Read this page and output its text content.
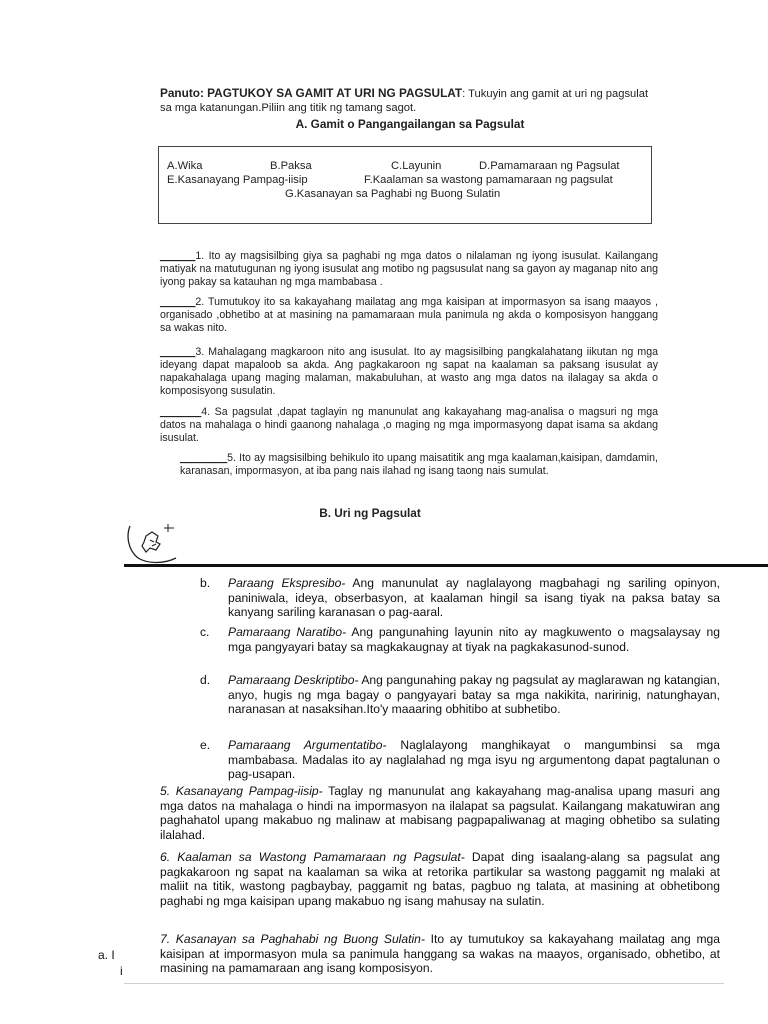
Panuto: PAGTUKOY SA GAMIT AT URI NG PAGSULAT: Tukuyin ang gamit at uri ng pagsulat sa mga katanungan.Piliin ang titik ng tamang sagot.
A. Gamit o Pangangailangan sa Pagsulat
A.Wika	B.Paksa	C.Layunin	D.Pamamaraan ng Pagsulat
E.Kasanayang Pampag-iisip	F.Kaalaman sa wastong pamamaraan ng pagsulat
G.Kasanayan sa Paghabi ng Buong Sulatin
______1. Ito ay magsisilbing giya sa paghabi ng mga datos o nilalaman ng iyong isusulat. Kailangang matiyak na matutugunan ng iyong isusulat ang motibo ng pagsusulat nang sa gayon ay maganap nito ang iyong pakay sa katauhan ng mga mambabasa .
______2. Tumutukoy ito sa kakayahang mailatag ang mga kaisipan at impormasyon sa isang maayos , organisado ,obhetibo at at masining na pamamaraan mula panimula ng akda o komposisyon hanggang sa wakas nito.
______3. Mahalagang magkaroon nito ang isusulat. Ito ay magsisilbing pangkalahatang iikutan ng mga ideyang dapat mapaloob sa akda. Ang pagkakaroon ng sapat na kaalaman sa paksang isusulat ay napakahalaga upang maging malaman, makabuluhan, at wasto ang mga datos na ilalagay sa akda o komposisyong susulatin.
_______4. Sa pagsulat ,dapat taglayin ng manunulat ang kakayahang mag-analisa o magsuri ng mga datos na mahalaga o hindi gaanong nahalaga ,o maging ng mga impormasyong dapat isama sa akdang isusulat.
________5. Ito ay magsisilbing behikulo ito upang maisatitik ang mga kaalaman,kaisipan, damdamin, karanasan, impormasyon, at iba pang nais ilahad ng isang taong nais sumulat.
B. Uri ng Pagsulat
b.	Paraang Ekspresibo- Ang manunulat ay naglalayong magbahagi ng sariling opinyon, paniniwala, ideya, obserbasyon, at kaalaman hingil sa isang tiyak na paksa batay sa kanyang sariling karanasan o pag-aaral.
c.	Pamaraang Naratibo- Ang pangunahing layunin nito ay magkuwento o magsalaysay ng mga pangyayari batay sa magkakaugnay at tiyak na pagkakasunod-sunod.
d.	Pamaraang Deskriptibo- Ang pangunahing pakay ng pagsulat ay maglarawan ng katangian, anyo, hugis ng mga bagay o pangyayari batay sa mga nakikita, naririnig, natunghayan, naranasan at nasaksihan.Ito'y maaaring obhitibo at subhetibo.
e.	Pamaraang Argumentatibo- Naglalayong manghikayat o mangumbinsi sa mga mambabasa. Madalas ito ay naglalahad ng mga isyu ng argumentong dapat pagtalunan o pag-usapan.
5. Kasanayang Pampag-iisip- Taglay ng manunulat ang kakayahang mag-analisa upang masuri ang mga datos na mahalaga o hindi na impormasyon na ilalapat sa pagsulat. Kailangang makatuwiran ang paghahatol upang makabuo ng malinaw at mabisang pagpapaliwanag at maging obhetibo sa sulating ilalahad.
6. Kaalaman sa Wastong Pamamaraan ng Pagsulat- Dapat ding isaalang-alang sa pagsulat ang pagkakaroon ng sapat na kaalaman sa wika at retorika partikular sa wastong paggamit ng malaki at maliit na titik, wastong pagbaybay, paggamit ng batas, pagbuo ng talata, at masining at obhetibong paghabi ng mga kaisipan upang makabuo ng isang mahusay na sulatin.
7. Kasanayan sa Paghahabi ng Buong Sulatin- Ito ay tumutukoy sa kakayahang mailatag ang mga kaisipan at impormasyon mula sa panimula hanggang sa wakas na maayos, organisado, obhetibo, at masining na pamamaraan ang isang komposisyon.
a. I
i
